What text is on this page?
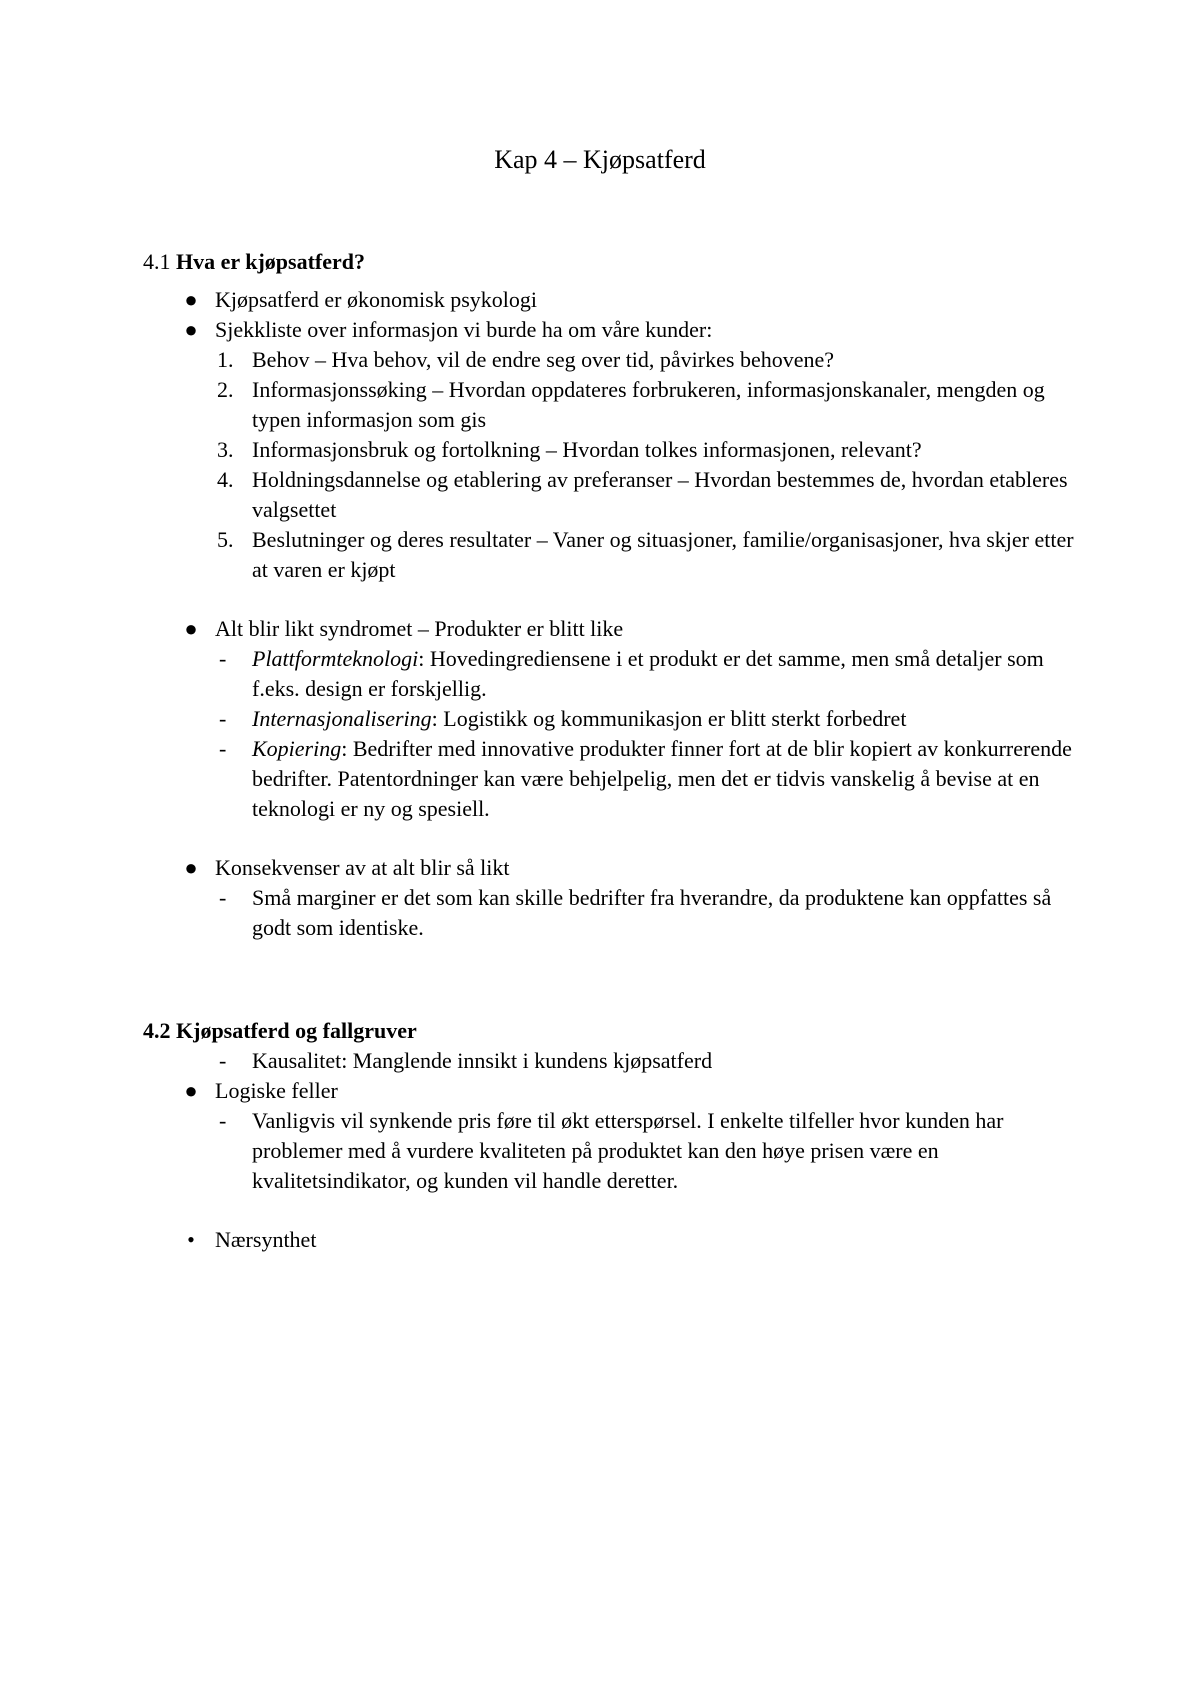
Kap 4 – Kjøpsatferd
4.1 Hva er kjøpsatferd?
● Kjøpsatferd er økonomisk psykologi
● Sjekkliste over informasjon vi burde ha om våre kunder:
1. Behov – Hva behov, vil de endre seg over tid, påvirkes behovene?
2. Informasjonssøking – Hvordan oppdateres forbrukeren, informasjonskanaler, mengden og typen informasjon som gis
3. Informasjonsbruk og fortolkning – Hvordan tolkes informasjonen, relevant?
4. Holdningsdannelse og etablering av preferanser – Hvordan bestemmes de, hvordan etableres valgsettet
5. Beslutninger og deres resultater – Vaner og situasjoner, familie/organisasjoner, hva skjer etter at varen er kjøpt
● Alt blir likt syndromet – Produkter er blitt like
- Plattformteknologi: Hovedingrediensene i et produkt er det samme, men små detaljer som f.eks. design er forskjellig.
- Internasjonalisering: Logistikk og kommunikasjon er blitt sterkt forbedret
- Kopiering: Bedrifter med innovative produkter finner fort at de blir kopiert av konkurrerende bedrifter. Patentordninger kan være behjelpelig, men det er tidvis vanskelig å bevise at en teknologi er ny og spesiell.
● Konsekvenser av at alt blir så likt
- Små marginer er det som kan skille bedrifter fra hverandre, da produktene kan oppfattes så godt som identiske.
4.2 Kjøpsatferd og fallgruver
- Kausalitet: Manglende innsikt i kundens kjøpsatferd
● Logiske feller
- Vanligvis vil synkende pris føre til økt etterspørsel. I enkelte tilfeller hvor kunden har problemer med å vurdere kvaliteten på produktet kan den høye prisen være en kvalitetsindikator, og kunden vil handle deretter.
• Nærsynthet
